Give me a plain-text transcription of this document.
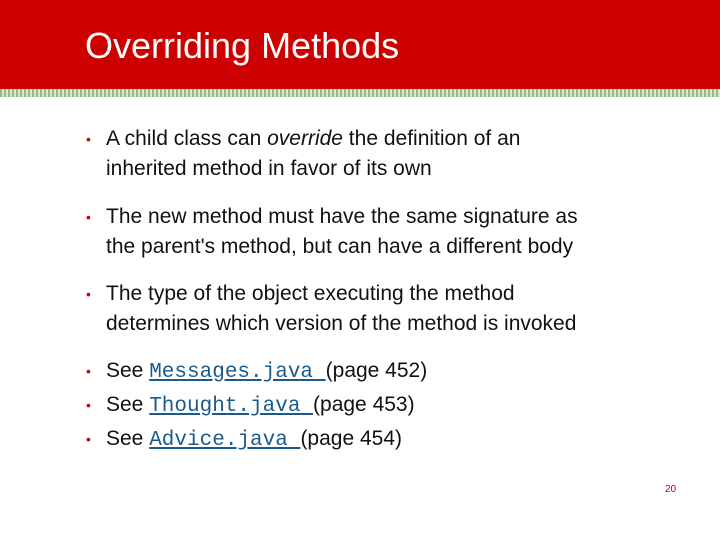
Overriding Methods
• A child class can override the definition of an
inherited method in favor of its own
• The new method must have the same signature as
the parent's method, but can have a different body
• The type of the object executing the method
determines which version of the method is invoked
• See Messages.java (page 452)
• See Thought.java (page 453)
• See Advice.java (page 454)
20
